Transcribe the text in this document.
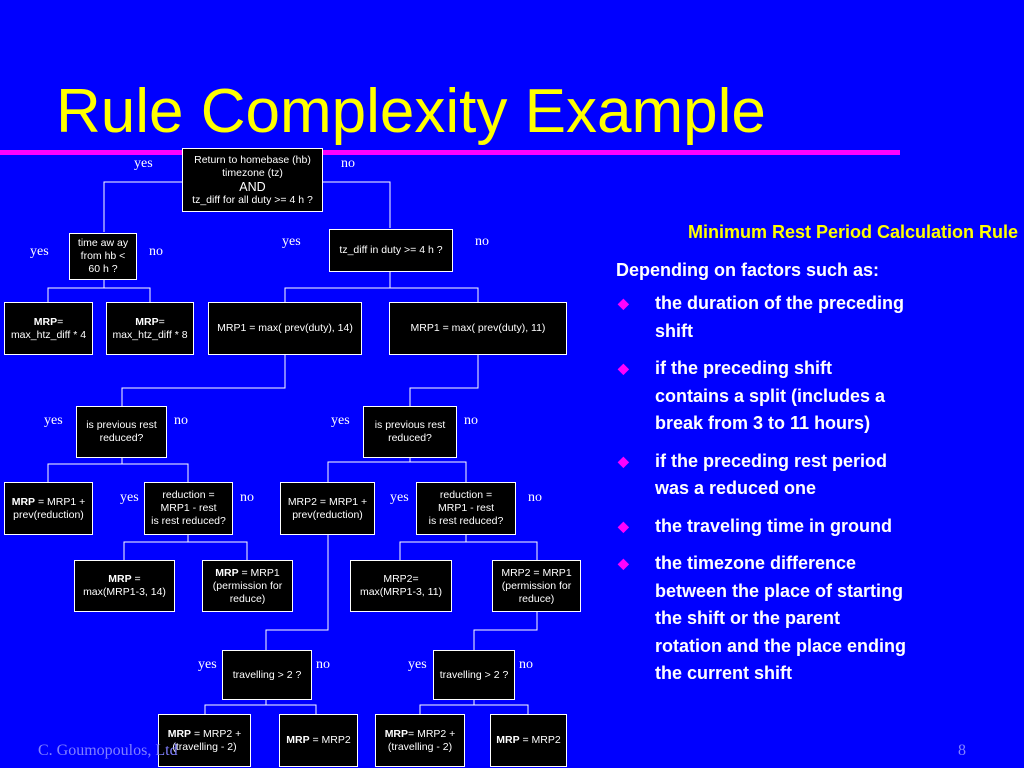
Rule Complexity Example
Return to homebase (hb)
timezone (tz)
AND
tz_diff for all duty >= 4 h ?
time aw ay
from hb <
60 h ?
tz_diff in duty >= 4 h ?
MRP=
max_htz_diff * 4
MRP=
max_htz_diff * 8
MRP1 = max( prev(duty), 14)	MRP1 = max( prev(duty), 11)
is previous rest
reduced?
is previous rest
reduced?
MRP = MRP1 +
prev(reduction)
reduction =
MRP1 - rest
is rest reduced?
MRP2 = MRP1 +
prev(reduction)
reduction =
MRP1 - rest
is rest reduced?
MRP =
max(MRP1-3, 14)
MRP = MRP1
(permission for
reduce)
MRP2=
max(MRP1-3, 11)
MRP2 = MRP1
(permission for
reduce)
travelling > 2 ?	travelling > 2 ?
MRP = MRP2 +
(travelling - 2)
MRP = MRP2
MRP= MRP2 +
(travelling - 2)
MRP = MRP2
yes	no
yes	no
yes	no
yes	no	yes	no
yes	no	yes	no
yes	no	yes	no
Minimum Rest Period Calculation Rule

Depending on factors such as:

◆ the duration of the preceding
shift
◆ if the preceding shift
contains a split (includes a
break from 3 to 11 hours)
◆ if the preceding rest period
was a reduced one
◆ the traveling time in ground
◆ the timezone difference
between the place of starting
the shift or the parent
rotation and the place ending
the current shift
C. Goumopoulos, Ltd	8
